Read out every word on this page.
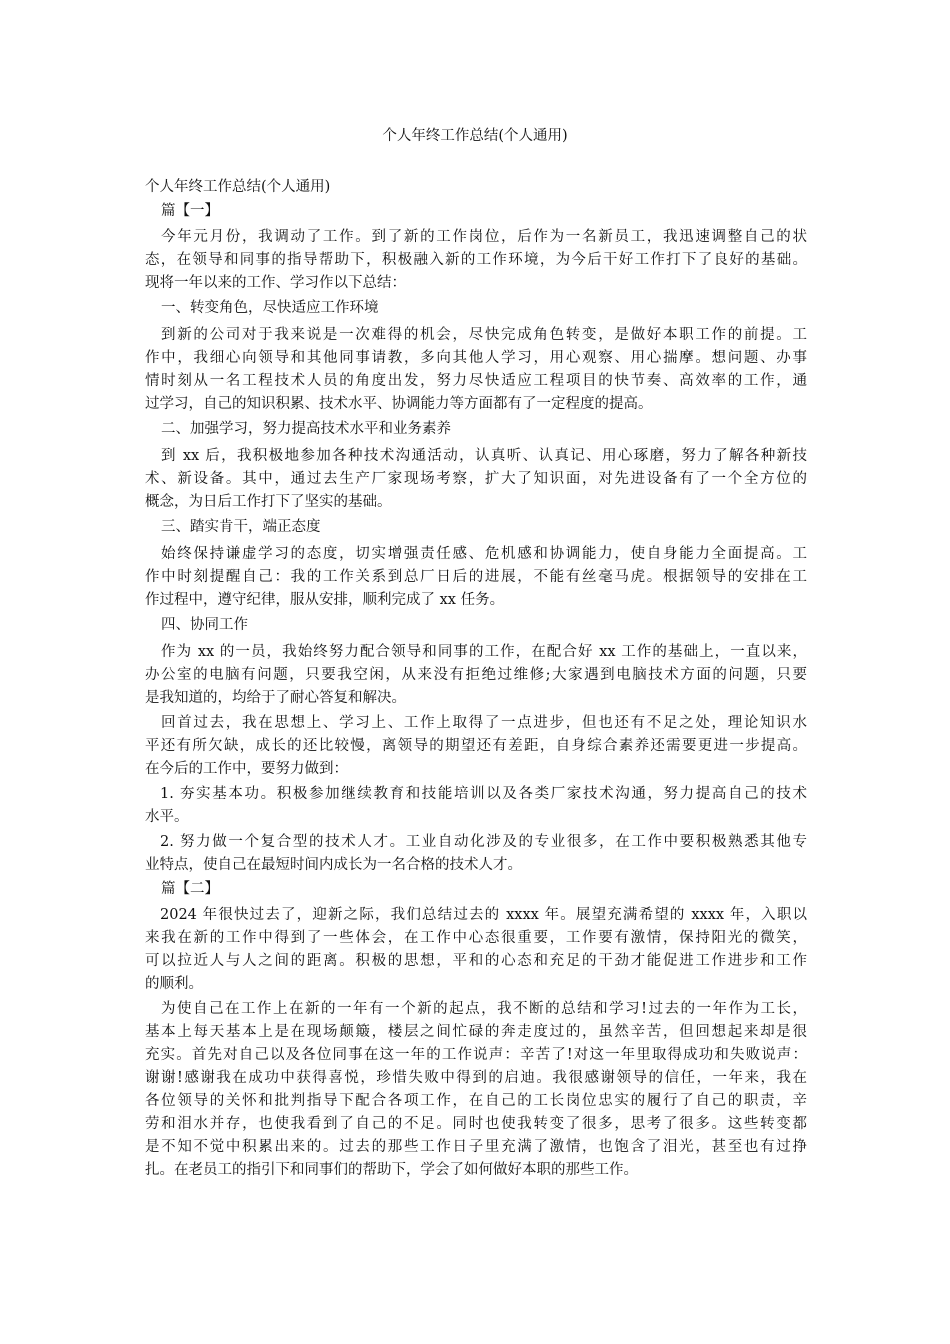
个人年终工作总结(个人通用)
个人年终工作总结(个人通用)
篇【一】
今年元月份，我调动了工作。到了新的工作岗位，后作为一名新员工，我迅速调整自己的状
态，在领导和同事的指导帮助下，积极融入新的工作环境，为今后干好工作打下了良好的基础。
现将一年以来的工作、学习作以下总结：
一、转变角色，尽快适应工作环境
到新的公司对于我来说是一次难得的机会，尽快完成角色转变，是做好本职工作的前提。工
作中，我细心向领导和其他同事请教，多向其他人学习，用心观察、用心揣摩。想问题、办事
情时刻从一名工程技术人员的角度出发，努力尽快适应工程项目的快节奏、高效率的工作，通
过学习，自己的知识积累、技术水平、协调能力等方面都有了一定程度的提高。
二、加强学习，努力提高技术水平和业务素养
到 xx 后，我积极地参加各种技术沟通活动，认真听、认真记、用心琢磨，努力了解各种新技
术、新设备。其中，通过去生产厂家现场考察，扩大了知识面，对先进设备有了一个全方位的
概念，为日后工作打下了坚实的基础。
三、踏实肯干，端正态度
始终保持谦虚学习的态度，切实增强责任感、危机感和协调能力，使自身能力全面提高。工
作中时刻提醒自己：我的工作关系到总厂日后的进展，不能有丝毫马虎。根据领导的安排在工
作过程中，遵守纪律，服从安排，顺利完成了 xx 任务。
四、协同工作
作为 xx 的一员，我始终努力配合领导和同事的工作，在配合好 xx 工作的基础上，一直以来，
办公室的电脑有问题，只要我空闲，从来没有拒绝过维修;大家遇到电脑技术方面的问题，只要
是我知道的，均给于了耐心答复和解决。
回首过去，我在思想上、学习上、工作上取得了一点进步，但也还有不足之处，理论知识水
平还有所欠缺，成长的还比较慢，离领导的期望还有差距，自身综合素养还需要更进一步提高。
在今后的工作中，要努力做到：
1. 夯实基本功。积极参加继续教育和技能培训以及各类厂家技术沟通，努力提高自己的技术
水平。
2. 努力做一个复合型的技术人才。工业自动化涉及的专业很多，在工作中要积极熟悉其他专
业特点，使自己在最短时间内成长为一名合格的技术人才。
篇【二】
2024 年很快过去了，迎新之际，我们总结过去的 xxxx 年。展望充满希望的 xxxx 年，入职以
来我在新的工作中得到了一些体会，在工作中心态很重要，工作要有激情，保持阳光的微笑，
可以拉近人与人之间的距离。积极的思想，平和的心态和充足的干劲才能促进工作进步和工作
的顺利。
为使自己在工作上在新的一年有一个新的起点，我不断的总结和学习!过去的一年作为工长，
基本上每天基本上是在现场颠簸，楼层之间忙碌的奔走度过的，虽然辛苦，但回想起来却是很
充实。首先对自己以及各位同事在这一年的工作说声：辛苦了!对这一年里取得成功和失败说声：
谢谢!感谢我在成功中获得喜悦，珍惜失败中得到的启迪。我很感谢领导的信任，一年来，我在
各位领导的关怀和批判指导下配合各项工作，在自己的工长岗位忠实的履行了自己的职责，辛
劳和泪水并存，也使我看到了自己的不足。同时也使我转变了很多，思考了很多。这些转变都
是不知不觉中积累出来的。过去的那些工作日子里充满了激情，也饱含了泪光，甚至也有过挣
扎。在老员工的指引下和同事们的帮助下，学会了如何做好本职的那些工作。
